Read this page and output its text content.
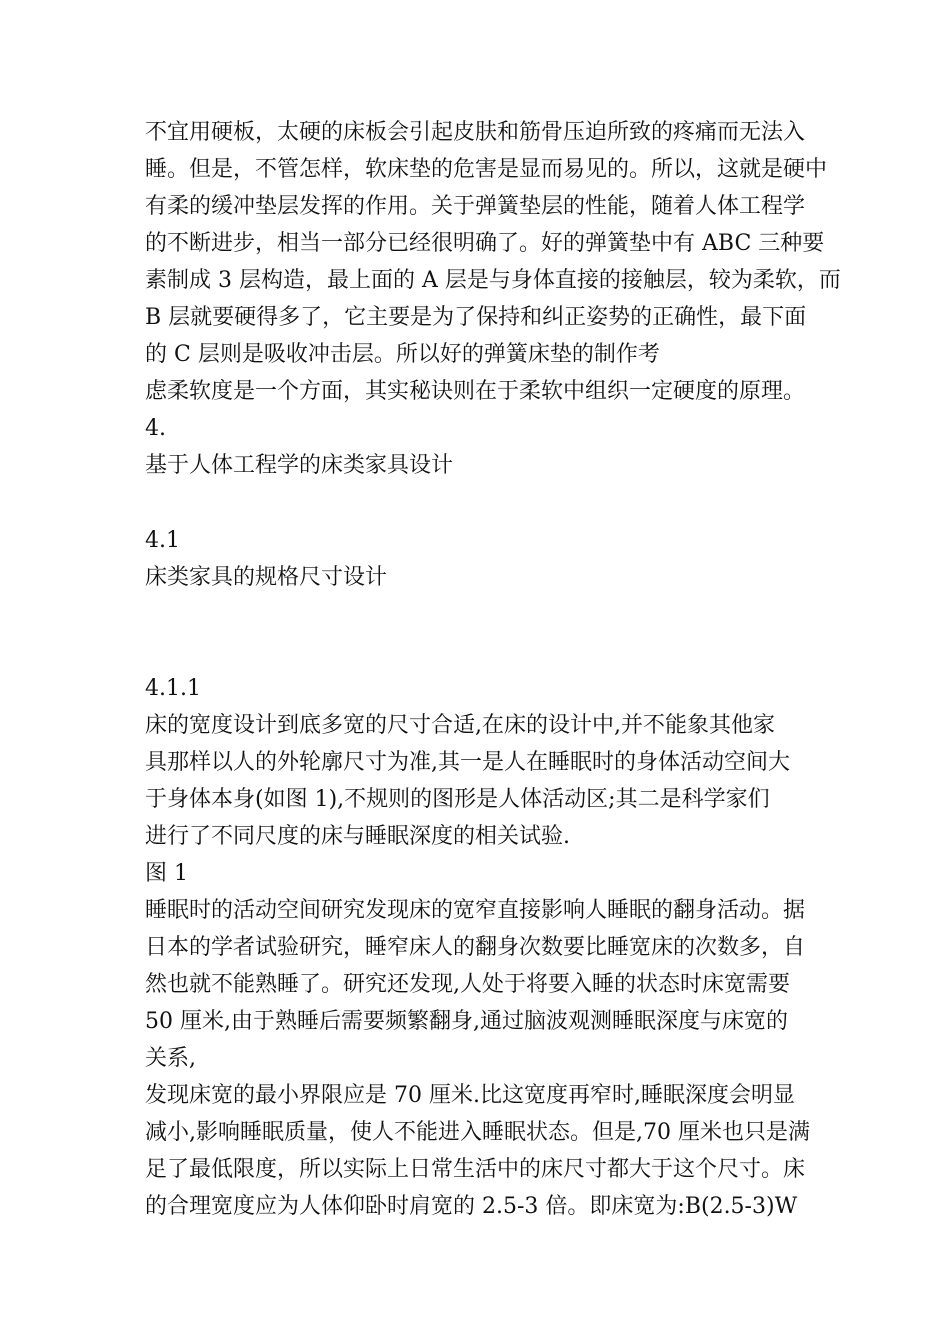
不宜用硬板，太硬的床板会引起皮肤和筋骨压迫所致的疼痛而无法入
睡。但是，不管怎样，软床垫的危害是显而易见的。所以，这就是硬中
有柔的缓冲垫层发挥的作用。关于弹簧垫层的性能，随着人体工程学
的不断进步，相当一部分已经很明确了。好的弹簧垫中有 ABC 三种要
素制成 3 层构造，最上面的 A 层是与身体直接的接触层，较为柔软，而
B 层就要硬得多了，它主要是为了保持和纠正姿势的正确性，最下面
的 C 层则是吸收冲击层。所以好的弹簧床垫的制作考
虑柔软度是一个方面，其实秘诀则在于柔软中组织一定硬度的原理。
4.
基于人体工程学的床类家具设计
4.1
床类家具的规格尺寸设计
4.1.1
床的宽度设计到底多宽的尺寸合适,在床的设计中,并不能象其他家
具那样以人的外轮廓尺寸为准,其一是人在睡眠时的身体活动空间大
于身体本身(如图 1),不规则的图形是人体活动区;其二是科学家们
进行了不同尺度的床与睡眠深度的相关试验.
图 1
睡眠时的活动空间研究发现床的宽窄直接影响人睡眠的翻身活动。据
日本的学者试验研究，睡窄床人的翻身次数要比睡宽床的次数多，自
然也就不能熟睡了。研究还发现,人处于将要入睡的状态时床宽需要
50 厘米,由于熟睡后需要频繁翻身,通过脑波观测睡眠深度与床宽的
关系,
发现床宽的最小界限应是 70 厘米.比这宽度再窄时,睡眠深度会明显
减小,影响睡眠质量，使人不能进入睡眠状态。但是,70 厘米也只是满
足了最低限度，所以实际上日常生活中的床尺寸都大于这个尺寸。床
的合理宽度应为人体仰卧时肩宽的 2.5-3 倍。即床宽为:B(2.5-3)W
